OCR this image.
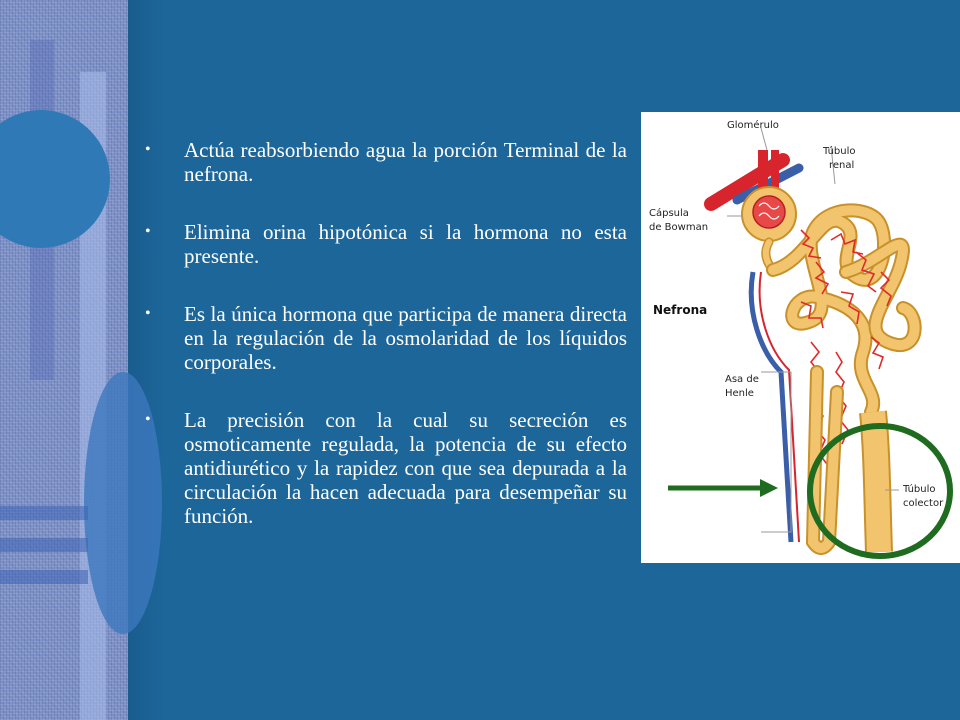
• Actúa reabsorbiendo agua la porción Terminal de la nefrona.
• Elimina orina hipotónica si la hormona no esta presente.
• Es la única hormona que participa de manera directa en la regulación de la osmolaridad de los líquidos corporales.
• La precisión con la cual su secreción es osmoticamente regulada, la potencia de su efecto antidiurético y la rapidez con que sea depurada a la circulación la hacen adecuada para desempeñar su función.
Glomérulo
Túbulo
renal
Cápsula
de Bowman
Nefrona
Asa de
Henle
Túbulo
colector
